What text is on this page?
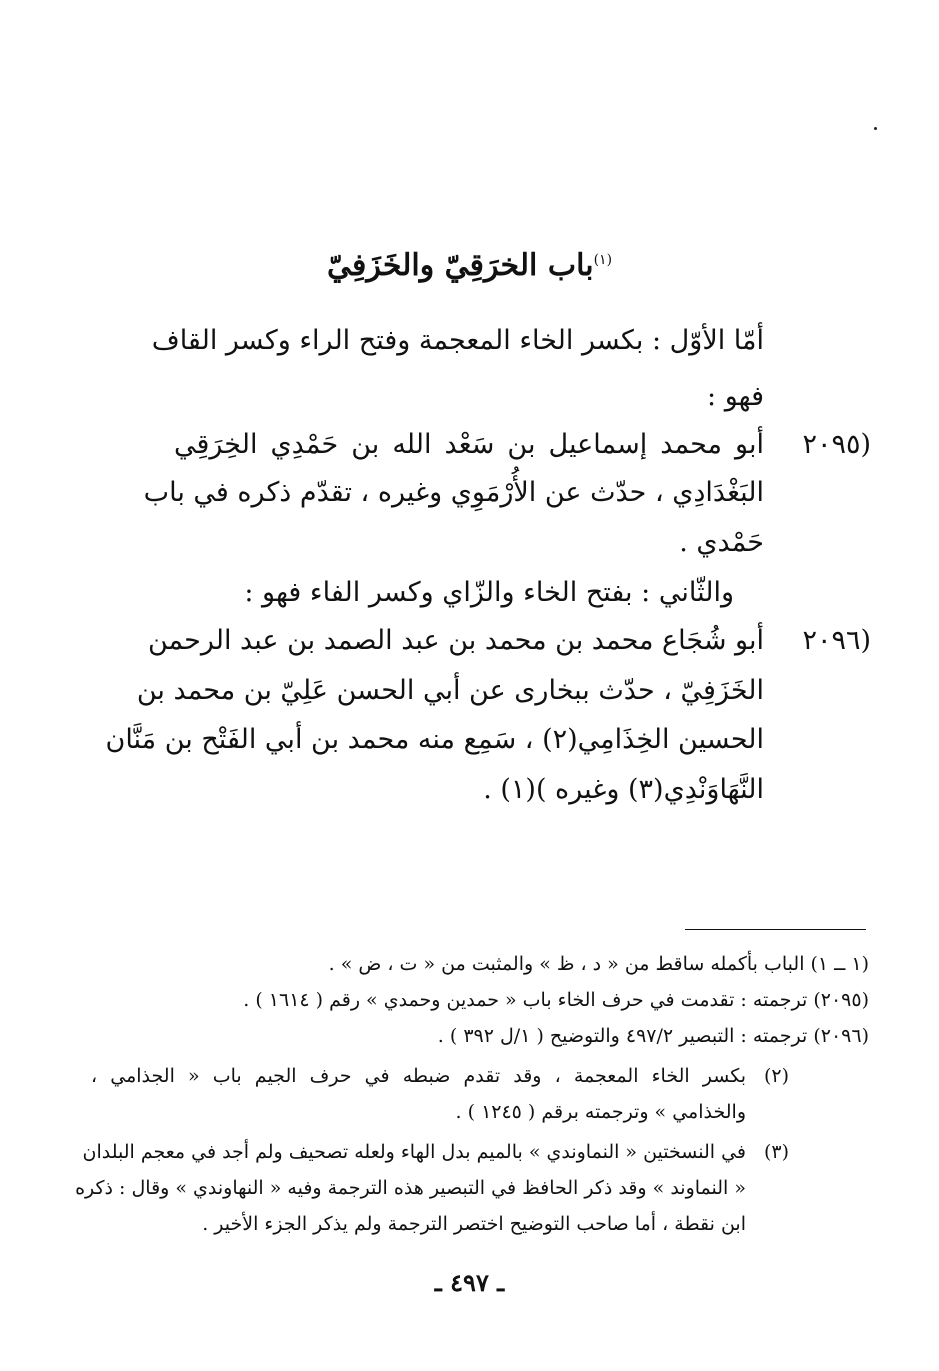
$^{(١)}$باب الخرَقِيّ والخَزَفِيّ
أمّا الأوّل : بكسر الخاء المعجمة وفتح الراء وكسر القاف
فهو :
(٢٠٩٥
أبو محمد إسماعيل بن سَعْد الله بن حَمْدِي الخِرَقِي
البَغْدَادِي ، حدّث عن الأُرْمَوِي وغيره ، تقدّم ذكره في باب
حَمْدي .
والثّاني : بفتح الخاء والزّاي وكسر الفاء فهو :
(٢٠٩٦
أبو شُجَاع محمد بن محمد بن عبد الصمد بن عبد الرحمن
الخَزَفِيّ ، حدّث ببخارى عن أبي الحسن عَلِيّ بن محمد بن
الحسين الخِذَامِي(٢) ، سَمِع منه محمد بن أبي الفَتْح بن مَنَّان
النَّهَاوَنْدِي(٣) وغيره )(١) .
(١ ــ ١) الباب بأكمله ساقط من « د ، ظ » والمثبت من « ت ، ض » .
(٢٠٩٥) ترجمته : تقدمت في حرف الخاء باب « حمدين وحمدي » رقم ( ١٦١٤ ) .
(٢٠٩٦) ترجمته : التبصير ٤٩٧/٢ والتوضيح ( ١/ل ٣٩٢ ) .
(٢)
بكسر الخاء المعجمة ، وقد تقدم ضبطه في حرف الجيم باب « الجذامي ،
والخذامي » وترجمته برقم ( ١٢٤٥ ) .
(٣)
في النسختين « النماوندي » بالميم بدل الهاء ولعله تصحيف ولم أجد في معجم البلدان
« النماوند » وقد ذكر الحافظ في التبصير هذه الترجمة وفيه « النهاوندي » وقال : ذكره
ابن نقطة ، أما صاحب التوضيح اختصر الترجمة ولم يذكر الجزء الأخير .
ـ ٤٩٧ ـ
